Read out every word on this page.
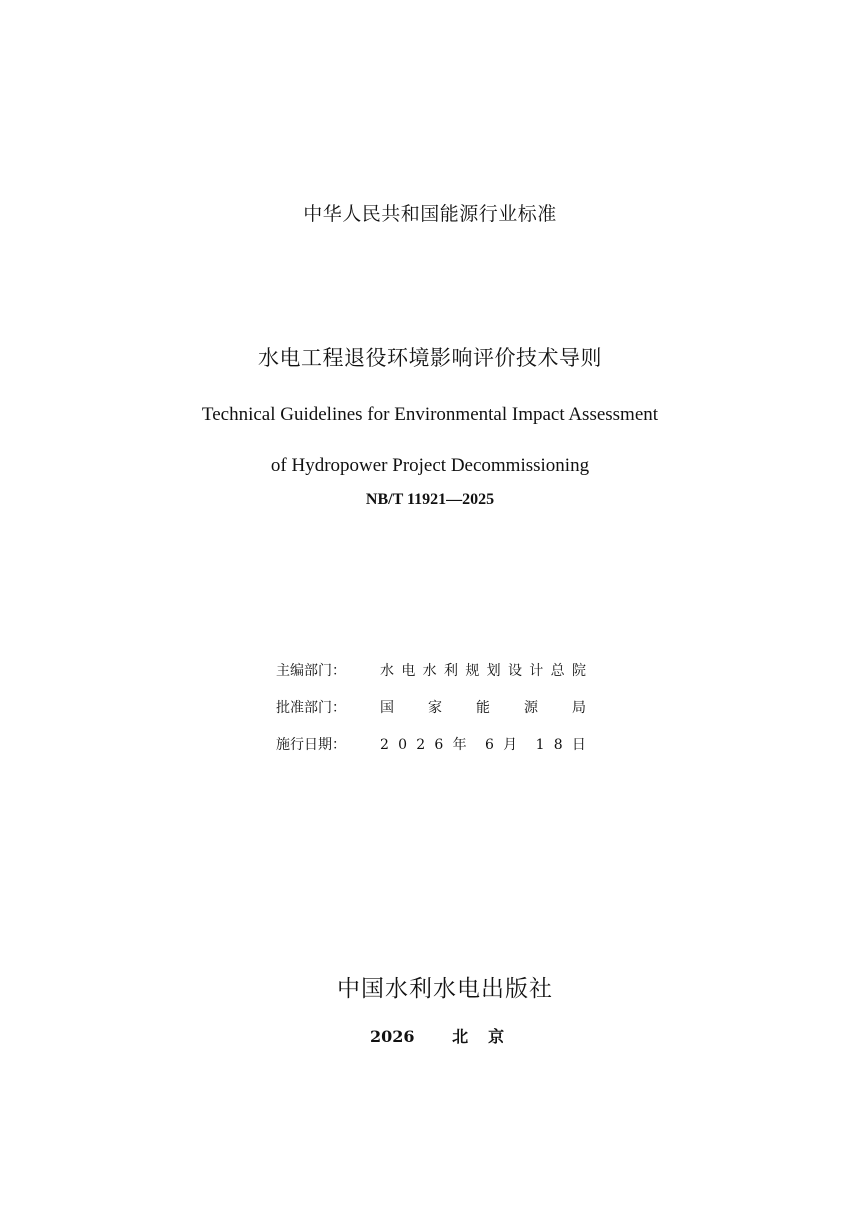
中华人民共和国能源行业标准
水电工程退役环境影响评价技术导则
Technical Guidelines for Environmental Impact Assessment
of Hydropower Project Decommissioning
NB/T 11921—2025
主编部门：	水 电 水 利 规 划 设 计 总 院
批准部门：	国 家 能 源 局
施行日期：	2 0 2 6 年 6 月 1 8 日
中国水利水电出版社
2026 北京
